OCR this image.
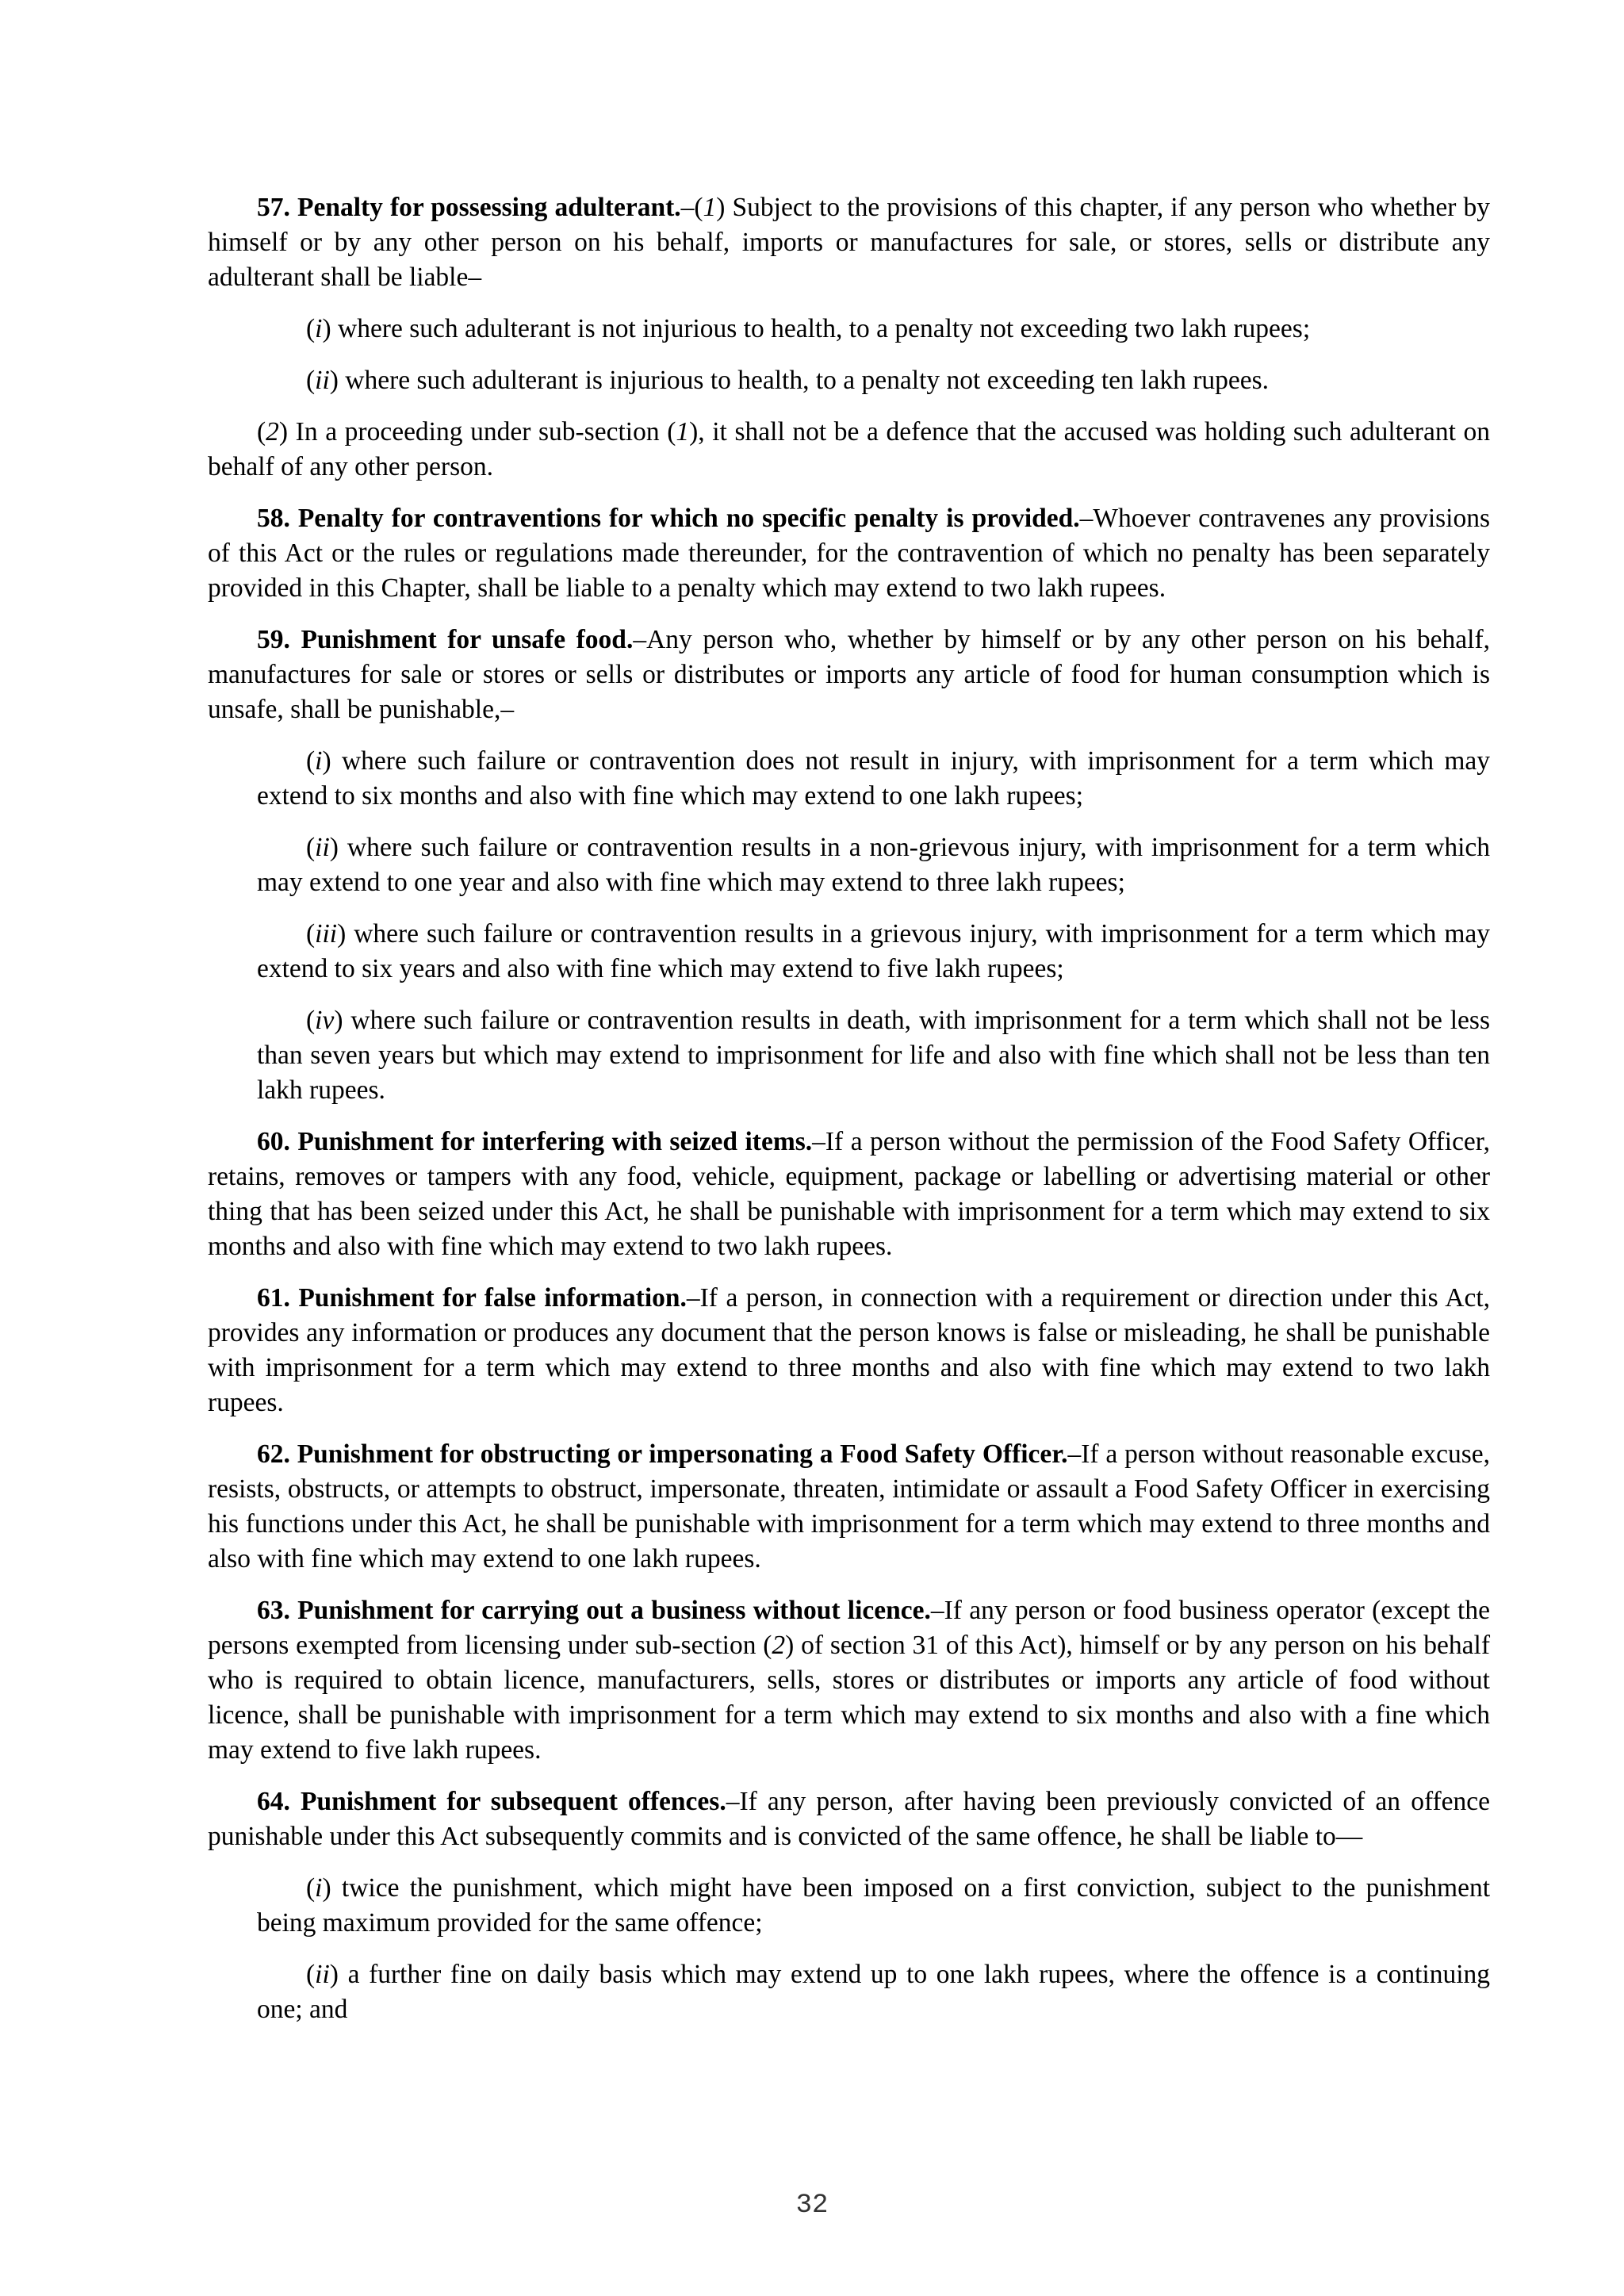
57. Penalty for possessing adulterant.–(1) Subject to the provisions of this chapter, if any person who whether by himself or by any other person on his behalf, imports or manufactures for sale, or stores, sells or distribute any adulterant shall be liable–

(i) where such adulterant is not injurious to health, to a penalty not exceeding two lakh rupees;

(ii) where such adulterant is injurious to health, to a penalty not exceeding ten lakh rupees.

(2) In a proceeding under sub-section (1), it shall not be a defence that the accused was holding such adulterant on behalf of any other person.

58. Penalty for contraventions for which no specific penalty is provided.–Whoever contravenes any provisions of this Act or the rules or regulations made thereunder, for the contravention of which no penalty has been separately provided in this Chapter, shall be liable to a penalty which may extend to two lakh rupees.

59. Punishment for unsafe food.–Any person who, whether by himself or by any other person on his behalf, manufactures for sale or stores or sells or distributes or imports any article of food for human consumption which is unsafe, shall be punishable,–

(i) where such failure or contravention does not result in injury, with imprisonment for a term which may extend to six months and also with fine which may extend to one lakh rupees;

(ii) where such failure or contravention results in a non-grievous injury, with imprisonment for a term which may extend to one year and also with fine which may extend to three lakh rupees;

(iii) where such failure or contravention results in a grievous injury, with imprisonment for a term which may extend to six years and also with fine which may extend to five lakh rupees;

(iv) where such failure or contravention results in death, with imprisonment for a term which shall not be less than seven years but which may extend to imprisonment for life and also with fine which shall not be less than ten lakh rupees.

60. Punishment for interfering with seized items.–If a person without the permission of the Food Safety Officer, retains, removes or tampers with any food, vehicle, equipment, package or labelling or advertising material or other thing that has been seized under this Act, he shall be punishable with imprisonment for a term which may extend to six months and also with fine which may extend to two lakh rupees.

61. Punishment for false information.–If a person, in connection with a requirement or direction under this Act, provides any information or produces any document that the person knows is false or misleading, he shall be punishable with imprisonment for a term which may extend to three months and also with fine which may extend to two lakh rupees.

62. Punishment for obstructing or impersonating a Food Safety Officer.–If a person without reasonable excuse, resists, obstructs, or attempts to obstruct, impersonate, threaten, intimidate or assault a Food Safety Officer in exercising his functions under this Act, he shall be punishable with imprisonment for a term which may extend to three months and also with fine which may extend to one lakh rupees.

63. Punishment for carrying out a business without licence.–If any person or food business operator (except the persons exempted from licensing under sub-section (2) of section 31 of this Act), himself or by any person on his behalf who is required to obtain licence, manufacturers, sells, stores or distributes or imports any article of food without licence, shall be punishable with imprisonment for a term which may extend to six months and also with a fine which may extend to five lakh rupees.

64. Punishment for subsequent offences.–If any person, after having been previously convicted of an offence punishable under this Act subsequently commits and is convicted of the same offence, he shall be liable to—

(i) twice the punishment, which might have been imposed on a first conviction, subject to the punishment being maximum provided for the same offence;

(ii) a further fine on daily basis which may extend up to one lakh rupees, where the offence is a continuing one; and

32
